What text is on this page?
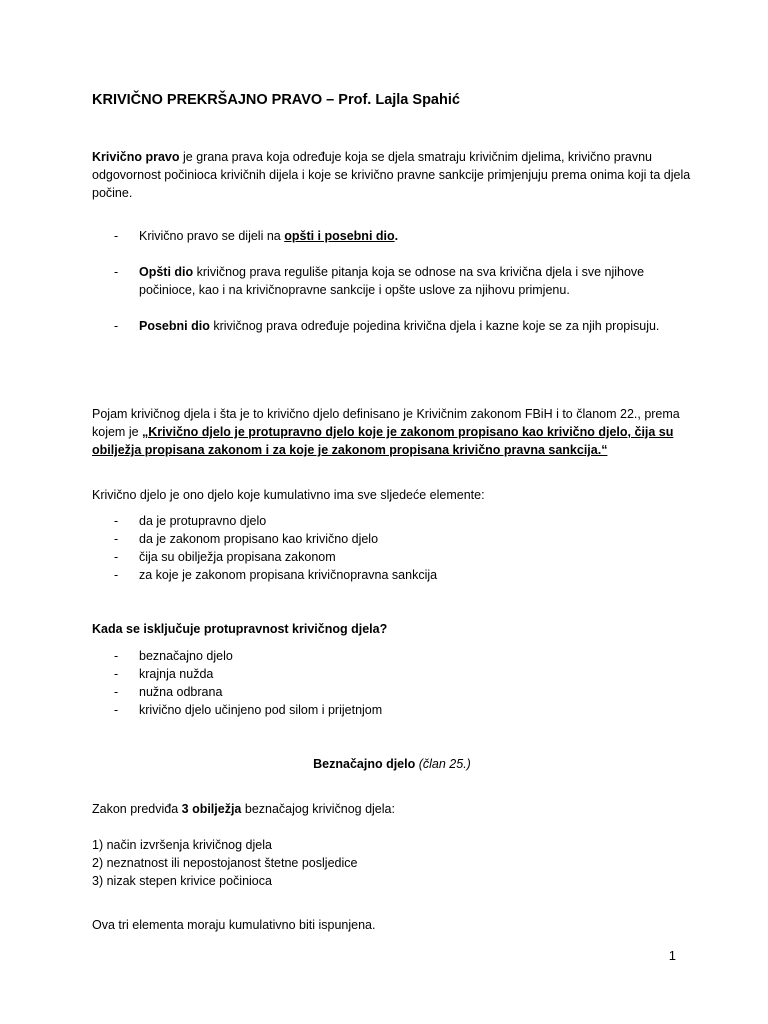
KRIVIČNO PREKRŠAJNO PRAVO – Prof. Lajla Spahić
Krivično pravo je grana prava koja određuje koja se djela smatraju krivičnim djelima, krivično pravnu odgovornost počinioca krivičnih dijela i koje se krivično pravne sankcije primjenjuju prema onima koji ta djela počine.
- Krivično pravo se dijeli na opšti i posebni dio.
- Opšti dio krivičnog prava reguliše pitanja koja se odnose na sva krivična djela i sve njihove počinioce, kao i na krivičnopravne sankcije i opšte uslove za njihovu primjenu.
- Posebni dio krivičnog prava određuje pojedina krivična djela i kazne koje se za njih propisuju.
Pojam krivičnog djela i šta je to krivično djelo definisano je Krivičnim zakonom FBiH i to članom 22., prema kojem je „Krivično djelo je protupravno djelo koje je zakonom propisano kao krivično djelo, čija su obilježja propisana zakonom i za koje je zakonom propisana krivično pravna sankcija.“
Krivično djelo je ono djelo koje kumulativno ima sve sljedeće elemente:
- da je protupravno djelo
- da je zakonom propisano kao krivično djelo
- čija su obilježja propisana zakonom
- za koje je zakonom propisana krivičnopravna sankcija
Kada se isključuje protupravnost krivičnog djela?
- beznačajno djelo
- krajnja nužda
- nužna odbrana
- krivično djelo učinjeno pod silom i prijetnjom
Beznačajno djelo (član 25.)
Zakon predviđa 3 obilježja beznačajog krivičnog djela:
1) način izvršenja krivičnog djela
2) neznatnost ili nepostojanost štetne posljedice
3) nizak stepen krivice počinioca
Ova tri elementa moraju kumulativno biti ispunjena.
1
